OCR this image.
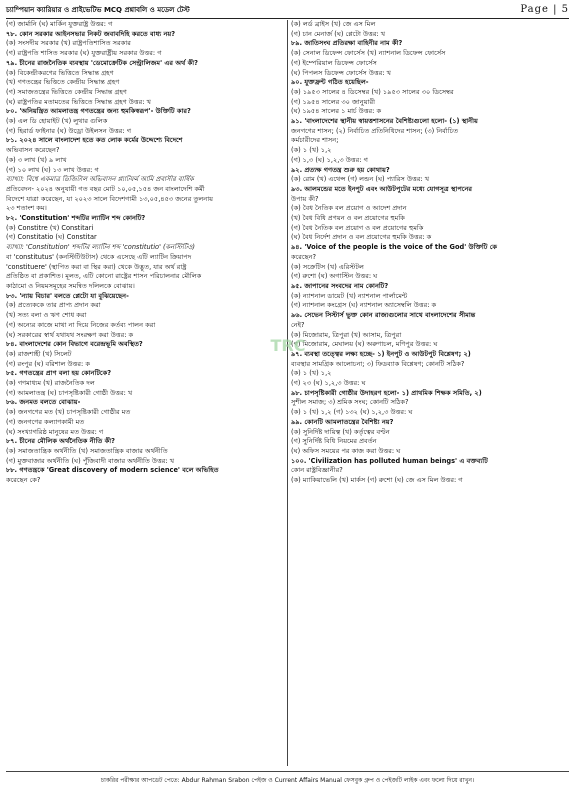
চ্যাম্পিয়ান ক্যারিয়ার ও প্রাইভেটিভ MCQ প্রশ্নাবলি ও মডেল টেস্ট	Page | 5
(গ) জার্মানি (ঘ) মার্কিন যুক্তরাষ্ট্র উত্তর: গ
৭৮. কোন সরকার আইনসভার নিকট জবাবদিহি করতে বাধ্য নয়?
(ক) সংসদীয় সরকার (খ) রাষ্ট্রপতিশাসিত সরকার
(গ) রাষ্ট্রপতি শাসিত সরকার (ঘ) যুক্তরাষ্ট্রীয় সরকার উত্তর: গ
৭৯. চীনের রাজনৈতিক ব্যবস্থায় 'ডেমোক্রেটিক সেন্ট্রালিজম' এর অর্থ কী?
(ক) বিকেন্দ্রীকরণের ভিত্তিতে সিদ্ধান্ত গ্রহণ
(খ) গণতন্ত্রের ভিত্তিতে কেন্দ্রীয় সিদ্ধান্ত গ্রহণ
(গ) সমাজতন্ত্রের ভিত্তিতে কেন্দ্রীয় সিদ্ধান্ত গ্রহণ
(ঘ) রাষ্ট্রপতির মতামতের ভিত্তিতে সিদ্ধান্ত গ্রহণ উত্তর: খ
৮০. 'অনিয়ন্ত্রিত আমলাতন্ত্র গণতন্ত্রের জন্য হুমকিস্বরূপ'- উক্তিটি কার?
(ক) এল ডি হোয়াইট (খ) লুথার গুলিক
(গ) হিরার্ড ফাইনার (ঘ) উড্রো উইলসন উত্তর: গ
৮১. ২০২৪ সালে বাংলাদেশ হতে কত লোক কর্মের উদ্দেশ্যে বিদেশে
অভিবাসন করেছেন?
(ক) ৩ লাখ (খ) ৯ লাখ
(গ) ১০ লাখ (ঘ) ১৩ লাখ উত্তর: গ
ব্যাখ্যা: বিশ্বে একমাত্র ডিজিটাল অভিবাসন প্ল্যাটফর্ম আমি প্রবাসীর বার্ষিক
প্রতিবেদন- ২০২৪ অনুযায়ী গত বছর মোট ১০,০৫,১৫৪ জন বাংলাদেশি কর্মী
বিদেশে যাত্রা করেছেন, যা ২০২৩ সালে বিদেশগামী ১৩,০৫,৪৫৩ জনের তুলনায়
২৩ শতাংশ কম।
৮২. 'Constitution' শব্দটির ল্যাটিন শব্দ কোনটি?
(ক) Constitre (খ) Constitari
(গ) Constitatio (ঘ) Constitar
ব্যাখ্যা: 'Constitution' শব্দটির ল্যাটিন শব্দ 'constitutio' (কনস্টিটিও)
বা 'constitutus' (কনস্টিটিউটাস) থেকে এসেছে এটি ল্যাটিন ক্রিয়াপদ
'constituere' (স্থাপিত করা বা স্থির করা) থেকে উদ্ভূত, যার অর্থ রাষ্ট্র
প্রতিষ্ঠিত বা প্রকাশিত। মূলত, এটি কোনো রাষ্ট্রের শাসন পরিচালনার মৌলিক
কাঠামো ও নিয়মসমূহের সমন্বিত দলিলকে বোঝায়।
৮৩. 'ন্যায় বিচার' বলতে প্লেটো যা বুঝিয়েছেন-
(ক) প্রত্যেককে তার প্রাপ্য প্রদান করা
(খ) সত্য বলা ও ঋণ শোধ করা
(গ) অন্যের কাজে মাথা না দিয়ে নিজের কর্তব্য পালন করা
(ঘ) সরকারের স্বার্থ যথাযথ সংরক্ষণ করা উত্তর: ক
৮৪. বাংলাদেশের কোন বিভাগে বরেন্দ্রভূমি অবস্থিত?
(ক) রাজশাহী (খ) সিলেট
(গ) রংপুর (ঘ) বরিশাল উত্তর: ক
৮৫. গণতন্ত্রের প্রাণ বলা হয় কোনটিকে?
(ক) গণমাধ্যম (খ) রাজনৈতিক দল
(গ) আমলাতন্ত্র (ঘ) চাপসৃষ্টিকারী গোষ্ঠী উত্তর: খ
৮৬. জনমত বলতে বোঝায়-
(ক) জনগণের মত (খ) চাপসৃষ্টিকারী গোষ্ঠীর মত
(গ) জনগণের কল্যাণকামী মত
(ঘ) সংখ্যাগরিষ্ঠ মানুষের মত উত্তর: গ
৮৭. চীনের মৌলিক অর্থনৈতিক নীতি কী?
(ক) সমাজতান্ত্রিক অর্থনীতি (খ) সমাজতান্ত্রিক বাজার অর্থনীতি
(গ) মুক্তবাজার অর্থনীতি (ঘ) পুঁজিবাদী বাজার অর্থনীতি উত্তর: খ
৮৮. গণতন্ত্রকে 'Great discovery of modern science' বলে অভিহিত
করেছেন কে?
(ক) লর্ড ব্রাইস (খ) জে এস মিল
(গ) চান মেনার্জ (ঘ) প্লেটো উত্তর: খ
৮৯. জাতিসংঘ প্রতিরক্ষা বাহিনীর নাম কী?
(ক) সেনাল ডিফেন্স ফোর্সেস (খ) ন্যাশনাল ডিফেন্স ফোর্সেস
(গ) ইম্পেরিয়াল ডিফেন্স ফোর্সেস
(ঘ) পিপলস ডিফেন্স ফোর্সেস উত্তর: খ
৯০. যুক্তফ্রন্ট গঠিত হয়েছিল-
(ক) ১৯৫৩ সালের ৪ ডিসেম্বর (খ) ১৯৫৩ সালের ৩০ ডিসেম্বর
(গ) ১৯৫৪ সালের ৩০ জানুয়ারী
(ঘ) ১৯৫৪ সালের ১ মার্চ উত্তর: ক
৯১. 'বাংলাদেশের স্থানীয় স্বায়ত্তশাসনের বৈশিষ্ট্যগুলো হলো- (১) স্থানীয়
জনগণের শাসন; (২) নির্বাচিত প্রতিনিধিদের শাসন; (৩) নির্বাচিত
কর্মচারীদের শাসন;
(ক) ১ (খ) ১,২
(গ) ১,৩ (ঘ) ১,২,৩ উত্তর: গ
৯২. প্রত্যক্ষ গণতন্ত্র শুরু হয় কোথায়?
(ক) রোম (খ) এথেন্স (গ) লন্ডন (ঘ) প্যারিস উত্তর: খ
৯৩. আলমন্ডের মতে ইনপুট এবং আউটপুটের মধ্যে যোগসূত্র স্থাপনের
উপায় কী?
(ক) বৈধ নৈতিক বল প্রয়োগ ও আদেশ প্রদান
(খ) বৈধ বিধি প্রণয়ন ও বল প্রয়োগের হুমকি
(গ) বৈধ নৈতিক বল প্রয়োগ ও বল প্রয়োগের হুমকি
(ঘ) বৈধ নির্দেশ প্রদান ও বল প্রয়োগের হুমকি উত্তর: ক
৯৪. 'Voice of the people is the voice of the God' উক্তিটি কে
করেছেন?
(ক) সক্রেটিস (খ) এরিস্টটল
(গ) রুশো (ঘ) অগাস্টিন উত্তর: ঘ
৯৫. জাপানের সংবদের নাম কোনটি?
(ক) ন্যাশনাল ডায়েট (খ) ন্যাশনাল পার্লামেন্ট
(গ) ন্যাশনাল কংগ্রেস (ঘ) ন্যাশনাল অ্যাসেম্বলি উত্তর: ক
৯৬. সেভেন সিস্টার্স ভুক্ত কোন রাজ্যগুলোর সাথে বাংলাদেশের সীমান্ত
নেই?
(ক) মিজোরাম, ত্রিপুরা (খ) আসাম, ত্রিপুরা
(গ) মিজোরাম, মেঘালয় (ঘ) অরুণাচল, মণিপুর উত্তর: ঘ
৯৭. ব্যবস্থা তত্ত্বের লক্ষ্য হচ্ছে- ১) ইনপুট ও আউটপুট বিশ্লেষণ; ২)
ব্যবস্থার সামগ্রিক আলোচনা; ৩) ফিডব্যাক বিশ্লেষণ; কোনটি সঠিক?
(ক) ১ (খ) ১,২
(গ) ২৩ (ঘ) ১,২,৩ উত্তর: ঘ
৯৮. চাপসৃষ্টিকারী গোষ্ঠীর উদাহরণ হলো- ১) প্রাথমিক শিক্ষক সমিতি, ২)
সুশীল সমাজ; ৩) শ্রমিক সংঘ; কোনটি সঠিক?
(ক) ১ (খ) ১,২ (গ) ১৩২ (ঘ) ১,২,৩ উত্তর: ঘ
৯৯. কোনটি আমলাতন্ত্রের বৈশিষ্ট্য নয়?
(ক) সুনির্দিষ্ট দায়িত্ব (খ) কর্তৃত্বের বণ্টন
(গ) সুনির্দিষ্ট বিধি নিয়মের প্রবর্তন
(ঘ) অফিস সময়ের পর কাজ করা উত্তর: ঘ
১০০. 'Civilization has polluted human beings' এ বক্তব্যটি
কোন রাষ্ট্রবিজ্ঞানীর?
(ক) ম্যাকিয়াভেলি (খ) মার্কস (গ) রুশো (ঘ) জে এস মিল উত্তর: গ
TRC
চাকরির পরীক্ষার আপডেট পেতে: Abdur Rahman Srabon পেইজ ও Current Affairs Manual ফেসবুক গ্রুপ ও পেইজটি লাইক এবং ফলো দিয়ে রাখুন।
